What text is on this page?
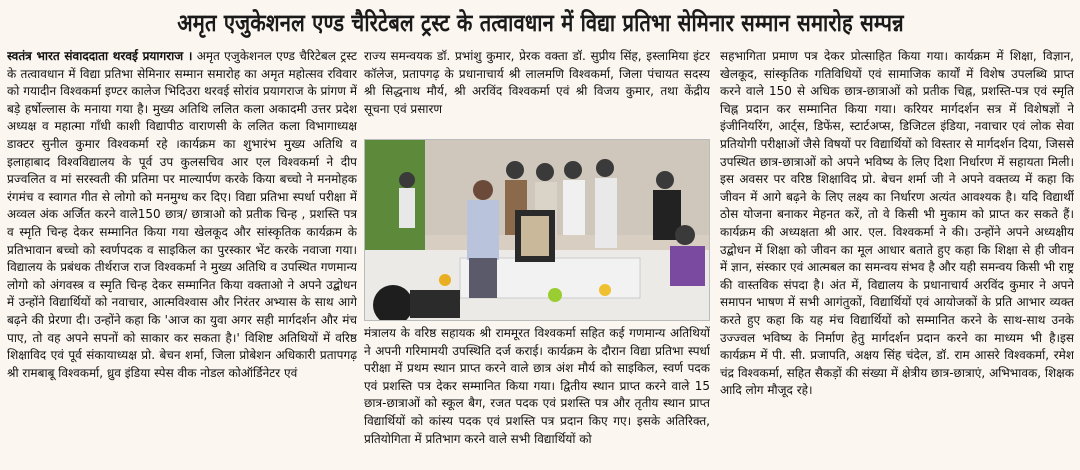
अमृत एजुकेशनल एण्ड चैरिटेबल ट्रस्ट के तत्वावधान में विद्या प्रतिभा सेमिनार सम्मान समारोह सम्पन्न

स्वतंत्र भारत संवाददाता थरवई प्रयागराज । अमृत एजुकेशनल एण्ड चैरिटेबल ट्रस्ट के तत्वावधान में विद्या प्रतिभा सेमिनार सम्मान समारोह का अमृत महोत्सव रविवार को गयादीन विश्वकर्मा इण्टर कालेज भिदिउरा थरवई सोरांव प्रयागराज के प्रांगण में बड़े हर्षोल्लास के मनाया गया है। मुख्य अतिथि ललित कला अकादमी उत्तर प्रदेश अध्यक्ष व महात्मा गाँधी काशी विद्यापीठ वाराणसी के ललित कला विभागाध्यक्ष डाक्टर सुनील कुमार विश्वकर्मा रहे ।कार्यक्रम का शुभारंभ मुख्य अतिथि व इलाहाबाद विश्वविद्यालय के पूर्व उप कुलसचिव आर एल विश्वकर्मा ने दीप प्रज्वलित व मां सरस्वती की प्रतिमा पर माल्यार्पण करके किया बच्चो ने मनमोहक रंगमंच व स्वागत गीत से लोगो को मनमुग्ध कर दिए। विद्या प्रतिभा स्पर्धा परीक्षा में अव्वल अंक अर्जित करने वाले150 छात्र/ छात्राओ को प्रतीक चिन्ह , प्रशस्ति पत्र व स्मृति चिन्ह देकर सम्मानित किया गया खेलकूद और सांस्कृतिक कार्यक्रम के प्रतिभावान बच्चो को स्वर्णपदक व साइकिल का पुरस्कार भेंट करके नवाजा गया। विद्यालय के प्रबंधक तीर्थराज राज विश्वकर्मा ने मुख्य अतिथि व उपस्थित गणमान्य लोगो को अंगवस्त्र व स्मृति चिन्ह देकर सम्मानित किया वक्ताओ ने अपने उद्बोधन में उन्होंने विद्यार्थियों को नवाचार, आत्मविश्वास और निरंतर अभ्यास के साथ आगे बढ़ने की प्रेरणा दी। उन्होंने कहा कि 'आज का युवा अगर सही मार्गदर्शन और मंच पाए, तो वह अपने सपनों को साकार कर सकता है।' विशिष्ट अतिथियों में वरिष्ठ शिक्षाविद एवं पूर्व संकायाध्यक्ष प्रो. बेचन शर्मा, जिला प्रोबेशन अधिकारी प्रतापगढ़ श्री रामबाबू विश्वकर्मा, ध्रुव इंडिया स्पेस वीक नोडल कोऑर्डिनेटर एवं

राज्य समन्वयक डॉ. प्रभांशु कुमार, प्रेरक वक्ता डॉ. सुप्रीय सिंह, इस्लामिया इंटर कॉलेज, प्रतापगढ़ के प्रधानाचार्य श्री लालमणि विश्वकर्मा, जिला पंचायत सदस्य श्री सिद्धनाथ मौर्य, श्री अरविंद विश्वकर्मा एवं श्री विजय कुमार, तथा केंद्रीय सूचना एवं प्रसारण

मंत्रालय के वरिष्ठ सहायक श्री राममूरत विश्वकर्मा सहित कई गणमान्य अतिथियों ने अपनी गरिमामयी उपस्थिति दर्ज कराई। कार्यक्रम के दौरान विद्या प्रतिभा स्पर्धा परीक्षा में प्रथम स्थान प्राप्त करने वाले छात्र अंश मौर्य को साइकिल, स्वर्ण पदक एवं प्रशस्ति पत्र देकर सम्मानित किया गया। द्वितीय स्थान प्राप्त करने वाले 15 छात्र-छात्राओं को स्कूल बैग, रजत पदक एवं प्रशस्ति पत्र और तृतीय स्थान प्राप्त विद्यार्थियों को कांस्य पदक एवं प्रशस्ति पत्र प्रदान किए गए। इसके अतिरिक्त, प्रतियोगिता में प्रतिभाग करने वाले सभी विद्यार्थियों को

सहभागिता प्रमाण पत्र देकर प्रोत्साहित किया गया। कार्यक्रम में शिक्षा, विज्ञान, खेलकूद, सांस्कृतिक गतिविधियों एवं सामाजिक कार्यों में विशेष उपलब्धि प्राप्त करने वाले 150 से अधिक छात्र-छात्राओं को प्रतीक चिह्न, प्रशस्ति-पत्र एवं स्मृति चिह्न प्रदान कर सम्मानित किया गया। करियर मार्गदर्शन सत्र में विशेषज्ञों ने इंजीनियरिंग, आर्ट्स, डिफेंस, स्टार्टअप्स, डिजिटल इंडिया, नवाचार एवं लोक सेवा प्रतियोगी परीक्षाओं जैसे विषयों पर विद्यार्थियों को विस्तार से मार्गदर्शन दिया, जिससे उपस्थित छात्र-छात्राओं को अपने भविष्य के लिए दिशा निर्धारण में सहायता मिली।इस अवसर पर वरिष्ठ शिक्षाविद प्रो. बेचन शर्मा जी ने अपने वक्तव्य में कहा कि जीवन में आगे बढ़ने के लिए लक्ष्य का निर्धारण अत्यंत आवश्यक है। यदि विद्यार्थी ठोस योजना बनाकर मेहनत करें, तो वे किसी भी मुकाम को प्राप्त कर सकते हैं। कार्यक्रम की अध्यक्षता श्री आर. एल. विश्वकर्मा ने की। उन्होंने अपने अध्यक्षीय उद्बोधन में शिक्षा को जीवन का मूल आधार बताते हुए कहा कि शिक्षा से ही जीवन में ज्ञान, संस्कार एवं आत्मबल का समन्वय संभव है और यही समन्वय किसी भी राष्ट्र की वास्तविक संपदा है। अंत में, विद्यालय के प्रधानाचार्य अरविंद कुमार ने अपने समापन भाषण में सभी आगंतुकों, विद्यार्थियों एवं आयोजकों के प्रति आभार व्यक्त करते हुए कहा कि यह मंच विद्यार्थियों को सम्मानित करने के साथ-साथ उनके उज्ज्वल भविष्य के निर्माण हेतु मार्गदर्शन प्रदान करने का माध्यम भी है।इस कार्यक्रम में पी. सी. प्रजापति, अक्षय सिंह चंदेल, डॉ. राम आसरे विश्वकर्मा, रमेश चंद्र विश्वकर्मा, सहित सैकड़ों की संख्या में क्षेत्रीय छात्र-छात्राएं, अभिभावक, शिक्षक आदि लोग मौजूद रहे।
